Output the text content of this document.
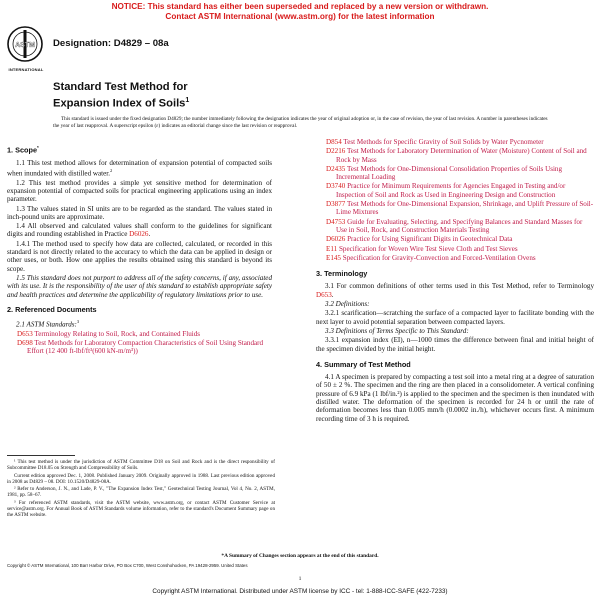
NOTICE: This standard has either been superseded and replaced by a new version or withdrawn.
Contact ASTM International (www.astm.org) for the latest information
ASTM
INTERNATIONAL
Designation: D4829 – 08a
Standard Test Method for
Expansion Index of Soils$^1$
This standard is issued under the fixed designation D4829; the number immediately following the designation indicates the year of original adoption or, in the case of revision, the year of last revision. A number in parentheses indicates the year of last reapproval. A superscript epsilon (ε) indicates an editorial change since the last revision or reapproval.
1. Scope*
1.1 This test method allows for determination of expansion potential of compacted soils when inundated with distilled water.$^2$
1.2 This test method provides a simple yet sensitive method for determination of expansion potential of compacted soils for practical engineering applications using an index parameter.
1.3 The values stated in SI units are to be regarded as the standard. The values stated in inch-pound units are approximate.
1.4 All observed and calculated values shall conform to the guidelines for significant digits and rounding established in Practice D6026.
1.4.1 The method used to specify how data are collected, calculated, or recorded in this standard is not directly related to the accuracy to which the data can be applied in design or other uses, or both. How one applies the results obtained using this standard is beyond its scope.
1.5 This standard does not purport to address all of the safety concerns, if any, associated with its use. It is the responsibility of the user of this standard to establish appropriate safety and health practices and determine the applicability of regulatory limitations prior to use.
2. Referenced Documents
2.1 ASTM Standards:$^3$
D653 Terminology Relating to Soil, Rock, and Contained Fluids
D698 Test Methods for Laboratory Compaction Characteristics of Soil Using Standard Effort (12 400 ft-lbf/ft³(600 kN-m/m³))
¹ This test method is under the jurisdiction of ASTM Committee D18 on Soil and Rock and is the direct responsibility of Subcommittee D18.05 on Strength and Compressibility of Soils.
Current edition approved Dec. 1, 2008. Published January 2009. Originally approved in 1988. Last previous edition approved in 2008 as D4829 – 08. DOI: 10.1520/D4829-08A.
² Refer to Anderson, J. N., and Lade, P. V., "The Expansion Index Test," Geotechnical Testing Journal, Vol 4, No. 2, ASTM, 1981, pp. 58–67.
³ For referenced ASTM standards, visit the ASTM website, www.astm.org, or contact ASTM Customer Service at service@astm.org. For Annual Book of ASTM Standards volume information, refer to the standard's Document Summary page on the ASTM website.
D854 Test Methods for Specific Gravity of Soil Solids by Water Pycnometer
D2216 Test Methods for Laboratory Determination of Water (Moisture) Content of Soil and Rock by Mass
D2435 Test Methods for One-Dimensional Consolidation Properties of Soils Using Incremental Loading
D3740 Practice for Minimum Requirements for Agencies Engaged in Testing and/or Inspection of Soil and Rock as Used in Engineering Design and Construction
D3877 Test Methods for One-Dimensional Expansion, Shrinkage, and Uplift Pressure of Soil-Lime Mixtures
D4753 Guide for Evaluating, Selecting, and Specifying Balances and Standard Masses for Use in Soil, Rock, and Construction Materials Testing
D6026 Practice for Using Significant Digits in Geotechnical Data
E11 Specification for Woven Wire Test Sieve Cloth and Test Sieves
E145 Specification for Gravity-Convection and Forced-Ventilation Ovens
3. Terminology
3.1 For common definitions of other terms used in this Test Method, refer to Terminology D653.
3.2 Definitions:
3.2.1 scarification—scratching the surface of a compacted layer to facilitate bonding with the next layer to avoid potential separation between compacted layers.
3.3 Definitions of Terms Specific to This Standard:
3.3.1 expansion index (EI), n—1000 times the difference between final and initial height of the specimen divided by the initial height.
4. Summary of Test Method
4.1 A specimen is prepared by compacting a test soil into a metal ring at a degree of saturation of 50 ± 2 %. The specimen and the ring are then placed in a consolidometer. A vertical confining pressure of 6.9 kPa (1 lbf/in.²) is applied to the specimen and the specimen is then inundated with distilled water. The deformation of the specimen is recorded for 24 h or until the rate of deformation becomes less than 0.005 mm/h (0.0002 in./h), whichever occurs first. A minimum recording time of 3 h is required.
*A Summary of Changes section appears at the end of this standard.
Copyright © ASTM International, 100 Barr Harbor Drive, PO Box C700, West Conshohocken, PA 19428-2959. United States
1
Copyright ASTM International. Distributed under ASTM license by ICC - tel: 1-888-ICC-SAFE (422-7233)
